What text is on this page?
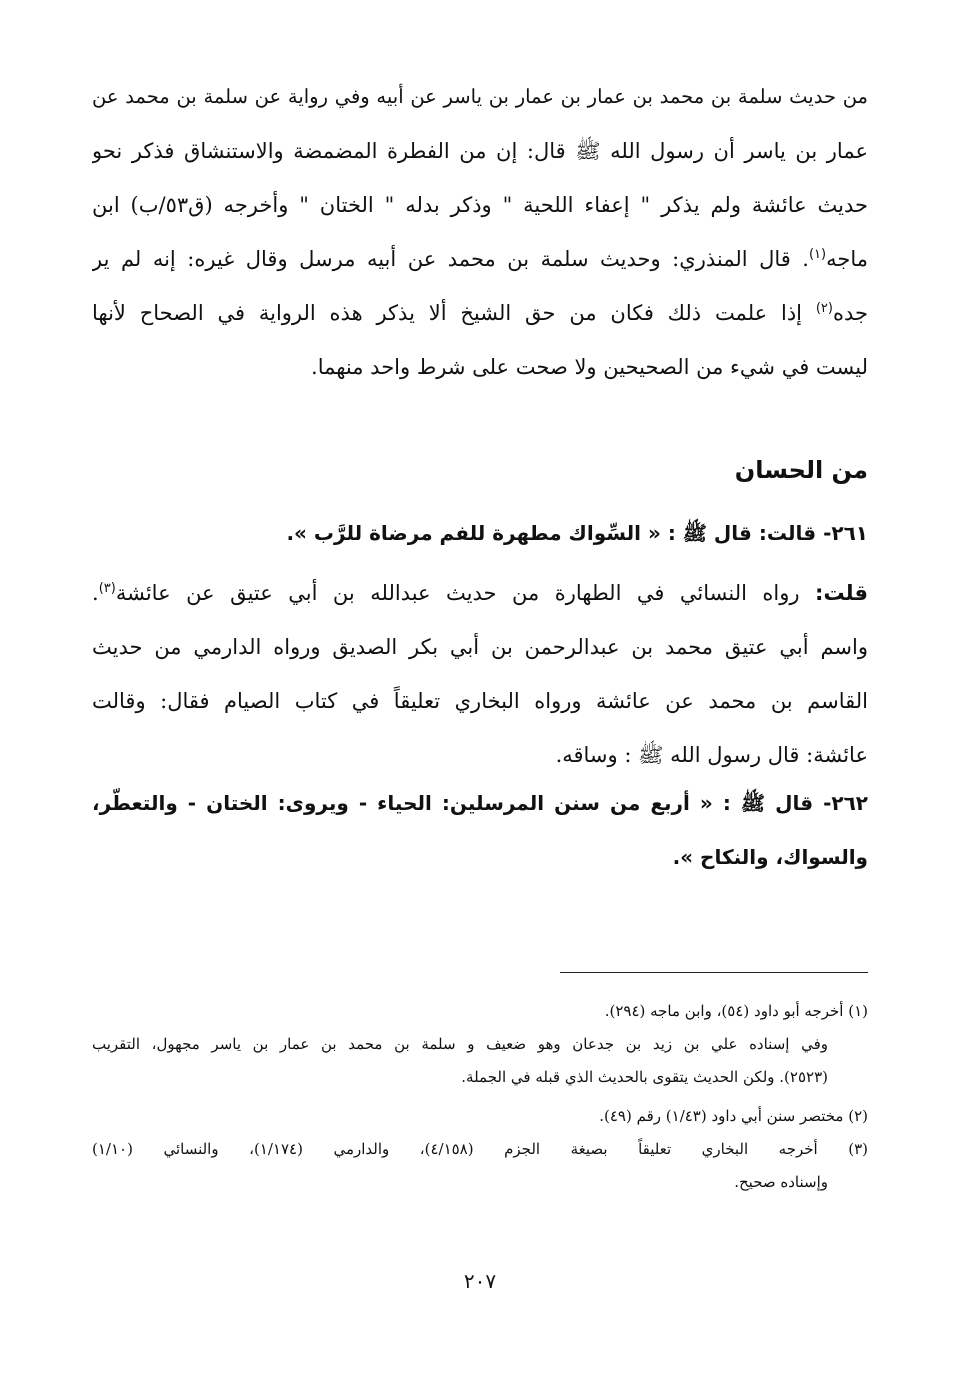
من حديث سلمة بن محمد بن عمار بن عمار بن ياسر عن أبيه وفي رواية عن سلمة بن محمد عن
عمار بن ياسر أن رسول الله ﷺ قال: إن من الفطرة المضمضة والاستنشاق فذكر نحو
حديث عائشة ولم يذكر " إعفاء اللحية " وذكر بدله " الختان " وأخرجه (ق٥٣/ب) ابن
ماجه$^{(١)}$. قال المنذري: وحديث سلمة بن محمد عن أبيه مرسل وقال غيره: إنه لم ير
جده$^{(٢)}$ إذا علمت ذلك فكان من حق الشيخ ألا يذكر هذه الرواية في الصحاح لأنها
ليست في شيء من الصحيحين ولا صحت على شرط واحد منهما.
من الحسان
٢٦١- قالت: قال ﷺ : « السِّواك مطهرة للفم مرضاة للرَّب ».
قلت: رواه النسائي في الطهارة من حديث عبدالله بن أبي عتيق عن عائشة$^{(٣)}$.
واسم أبي عتيق محمد بن عبدالرحمن بن أبي بكر الصديق ورواه الدارمي من حديث
القاسم بن محمد عن عائشة ورواه البخاري تعليقاً في كتاب الصيام فقال: وقالت
عائشة: قال رسول الله ﷺ : وساقه.
٢٦٢- قال ﷺ : « أربع من سنن المرسلين: الحياء - ويروى: الختان - والتعطّر،
والسواك، والنكاح ».
(١) أخرجه أبو داود (٥٤)، وابن ماجه (٢٩٤).
وفي إسناده علي بن زيد بن جدعان وهو ضعيف و سلمة بن محمد بن عمار بن ياسر مجهول، التقريب
(٢٥٢٣). ولكن الحديث يتقوى بالحديث الذي قبله في الجملة.
(٢) مختصر سنن أبي داود (١/٤٣) رقم (٤٩).
(٣) أخرجه البخاري تعليقاً بصيغة الجزم (٤/١٥٨)، والدارمي (١/١٧٤)، والنسائي (١/١٠)
وإسناده صحيح.
٢٠٧
